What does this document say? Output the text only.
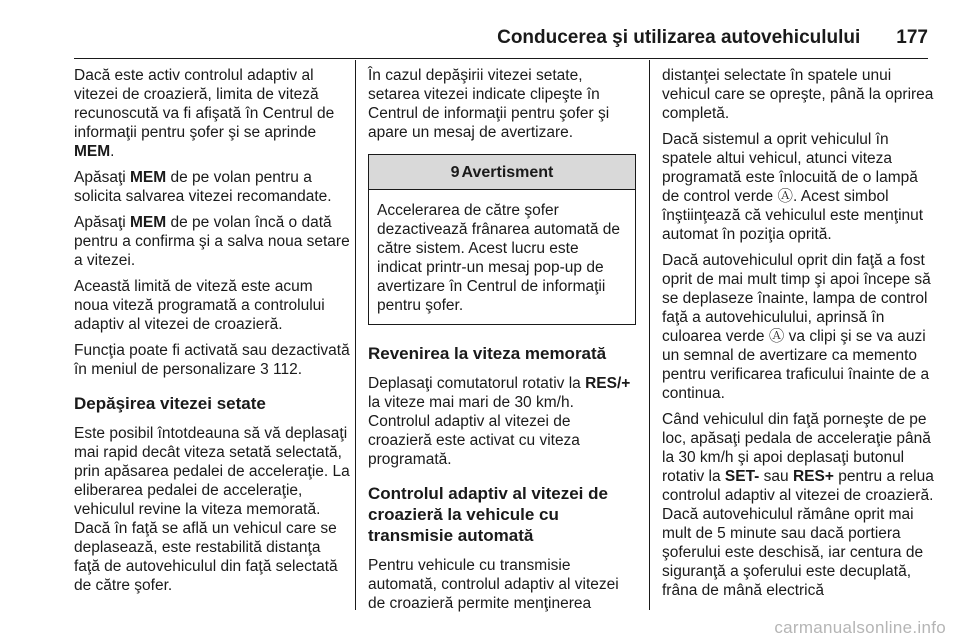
Conducerea şi utilizarea autovehiculului 177

Dacă este activ controlul adaptiv al vitezei de croazieră, limita de viteză recunoscută va fi afişată în Centrul de informaţii pentru şofer şi se aprinde MEM.

Apăsaţi MEM de pe volan pentru a solicita salvarea vitezei recomandate.

Apăsaţi MEM de pe volan încă o dată pentru a confirma şi a salva noua setare a vitezei.

Această limită de viteză este acum noua viteză programată a controlului adaptiv al vitezei de croazieră.

Funcţia poate fi activată sau dezactivată în meniul de personalizare 3 112.

Depăşirea vitezei setate

Este posibil întotdeauna să vă deplasaţi mai rapid decât viteza setată selectată, prin apăsarea pedalei de acceleraţie. La eliberarea pedalei de acceleraţie, vehiculul revine la viteza memorată. Dacă în faţă se află un vehicul care se deplasează, este restabilită distanţa faţă de autovehiculul din faţă selectată de către şofer.

În cazul depăşirii vitezei setate, setarea vitezei indicate clipeşte în Centrul de informaţii pentru şofer şi apare un mesaj de avertizare.

9 Avertisment
Accelerarea de către şofer dezactivează frânarea automată de către sistem. Acest lucru este indicat printr-un mesaj pop-up de avertizare în Centrul de informaţii pentru şofer.
Revenirea la viteza memorată

Deplasaţi comutatorul rotativ la RES/+ la viteze mai mari de 30 km/h. Controlul adaptiv al vitezei de croazieră este activat cu viteza programată.

Controlul adaptiv al vitezei de croazieră la vehicule cu transmisie automată

Pentru vehicule cu transmisie automată, controlul adaptiv al vitezei de croazieră permite menţinerea

distanţei selectate în spatele unui vehicul care se opreşte, până la oprirea completă.

Dacă sistemul a oprit vehiculul în spatele altui vehicul, atunci viteza programată este înlocuită de o lampă de control verde Ⓐ. Acest simbol înştiinţează că vehiculul este menţinut automat în poziţia oprită.

Dacă autovehiculul oprit din faţă a fost oprit de mai mult timp şi apoi începe să se deplaseze înainte, lampa de control faţă a autovehiculului, aprinsă în culoarea verde Ⓐ va clipi şi se va auzi un semnal de avertizare ca memento pentru verificarea traficului înainte de a continua.

Când vehiculul din faţă porneşte de pe loc, apăsaţi pedala de acceleraţie până la 30 km/h şi apoi deplasaţi butonul rotativ la SET- sau RES+ pentru a relua controlul adaptiv al vitezei de croazieră. Dacă autovehiculul rămâne oprit mai mult de 5 minute sau dacă portiera şoferului este deschisă, iar centura de siguranţă a şoferului este decuplată, frâna de mână electrică

carmanualsonline.info
